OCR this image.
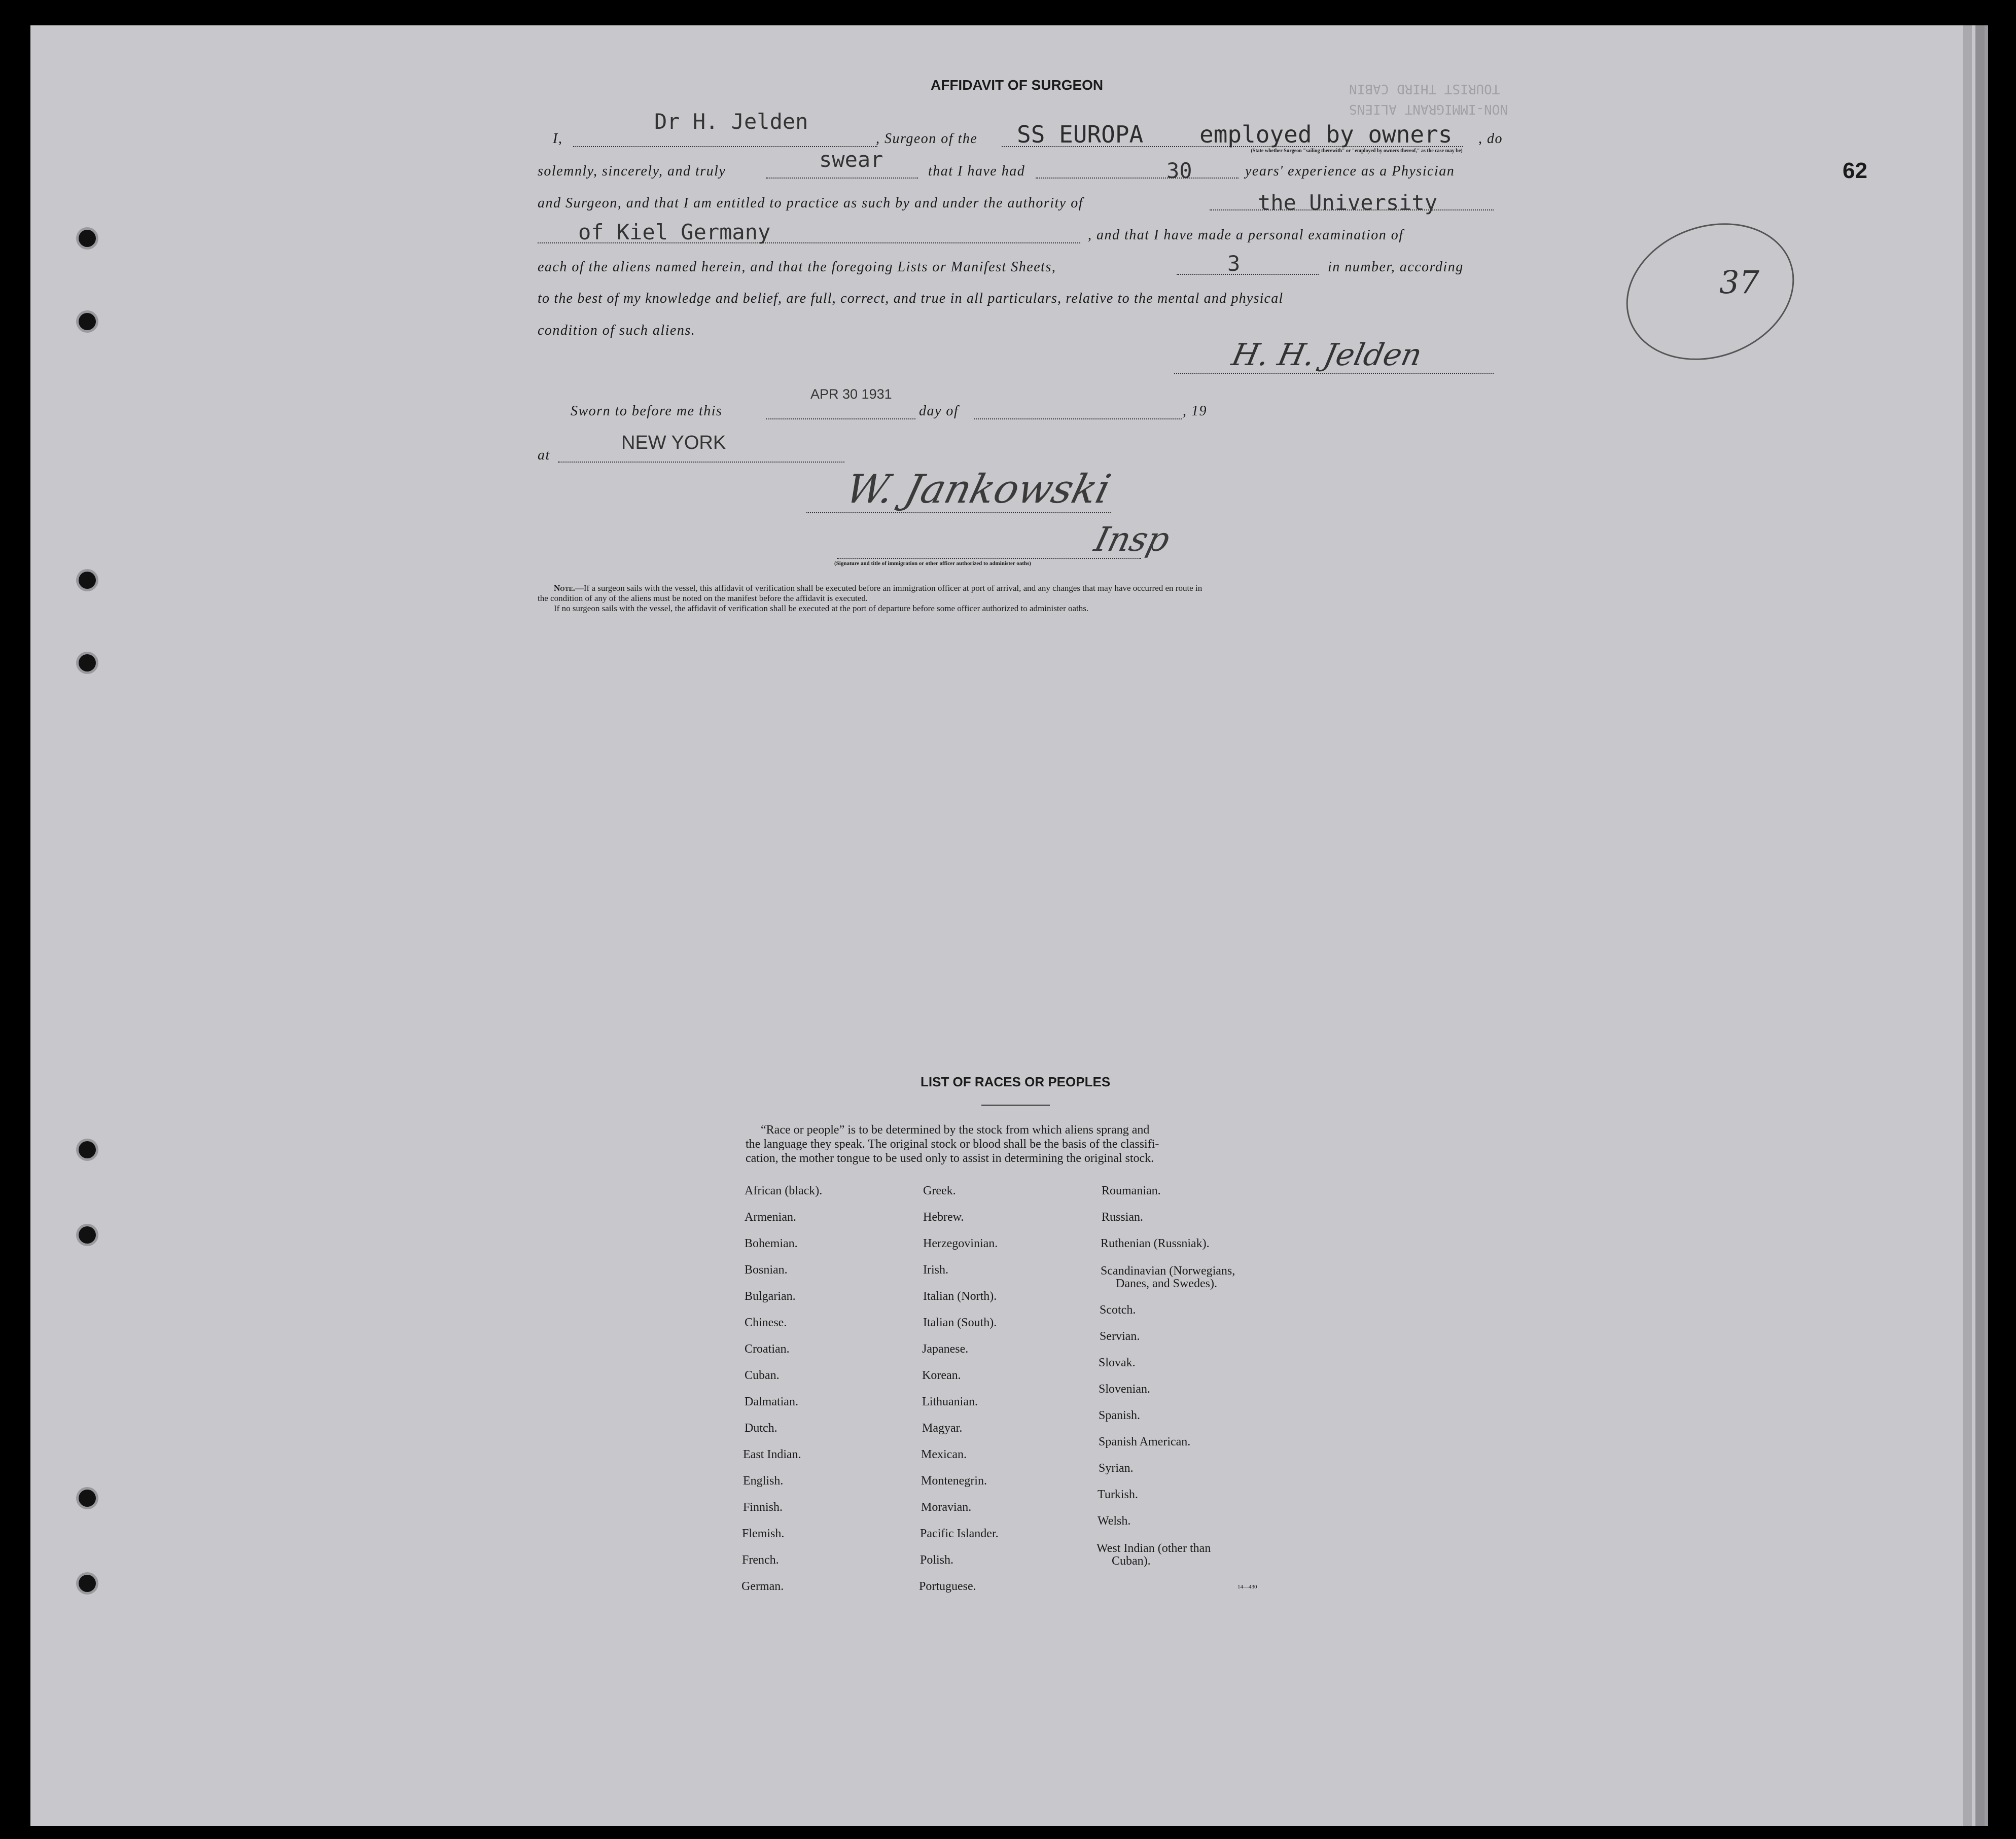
TOURIST THIRD CABIN
NON-IMMIGRANT ALIENS
62
37
AFFIDAVIT OF SURGEON
I,
Dr H. Jelden
, Surgeon of the SS EUROPA employed by owners , do
(State whether Surgeon "sailing therewith" or "employed by owners thereof," as the case may be)
solemnly, sincerely, and truly	swear	that I have had	30	years' experience as a Physician
and Surgeon, and that I am entitled to practice as such by and under the authority of	the University
of Kiel Germany	, and that I have made a personal examination of
each of the aliens named herein, and that the foregoing Lists or Manifest Sheets,	3	in number, according
to the best of my knowledge and belief, are full, correct, and true in all particulars, relative to the mental and physical
condition of such aliens.
H. H. Jelden
Sworn to before me this
APR 30 1931
day of	, 19
at
NEW YORK
W. Jankowski
Insp
(Signature and title of immigration or other officer authorized to administer oaths)
Note.—If a surgeon sails with the vessel, this affidavit of verification shall be executed before an immigration officer at port of arrival, and any changes that may have occurred en route in
the condition of any of the aliens must be noted on the manifest before the affidavit is executed.
If no surgeon sails with the vessel, the affidavit of verification shall be executed at the port of departure before some officer authorized to administer oaths.
LIST OF RACES OR PEOPLES
“Race or people” is to be determined by the stock from which aliens sprang and
the language they speak. The original stock or blood shall be the basis of the classifi-
cation, the mother tongue to be used only to assist in determining the original stock.
African (black).
Armenian.
Bohemian.
Bosnian.
Bulgarian.
Chinese.
Croatian.
Cuban.
Dalmatian.
Dutch.
East Indian.
English.
Finnish.
Flemish.
French.
German.
Greek.
Hebrew.
Herzegovinian.
Irish.
Italian (North).
Italian (South).
Japanese.
Korean.
Lithuanian.
Magyar.
Mexican.
Montenegrin.
Moravian.
Pacific Islander.
Polish.
Portuguese.
Roumanian.
Russian.
Ruthenian (Russniak).
Scandinavian (Norwegians,
Danes, and Swedes).
Scotch.
Servian.
Slovak.
Slovenian.
Spanish.
Spanish American.
Syrian.
Turkish.
Welsh.
West Indian (other than
Cuban).
14—430
